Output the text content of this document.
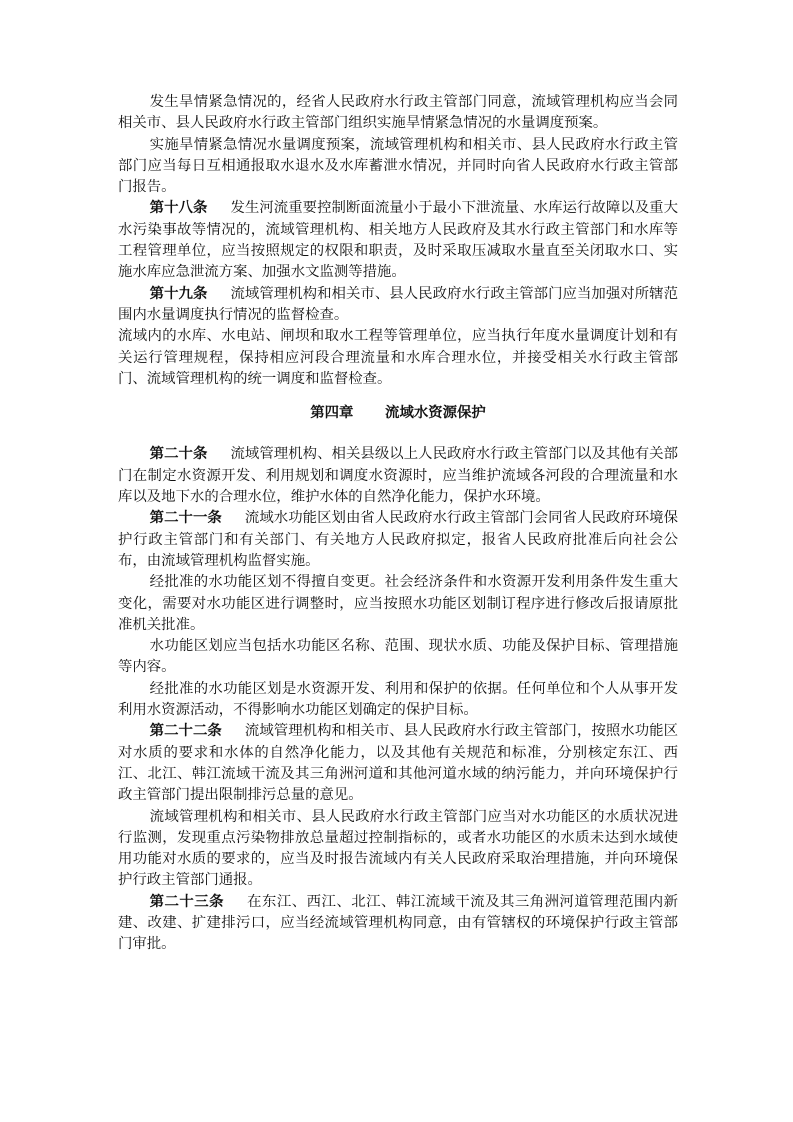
发生旱情紧急情况的，经省人民政府水行政主管部门同意，流域管理机构应当会同相关市、县人民政府水行政主管部门组织实施旱情紧急情况的水量调度预案。

实施旱情紧急情况水量调度预案，流域管理机构和相关市、县人民政府水行政主管部门应当每日互相通报取水退水及水库蓄泄水情况，并同时向省人民政府水行政主管部门报告。

第十八条 发生河流重要控制断面流量小于最小下泄流量、水库运行故障以及重大水污染事故等情况的，流域管理机构、相关地方人民政府及其水行政主管部门和水库等工程管理单位，应当按照规定的权限和职责，及时采取压减取水量直至关闭取水口、实施水库应急泄流方案、加强水文监测等措施。

第十九条 流域管理机构和相关市、县人民政府水行政主管部门应当加强对所辖范围内水量调度执行情况的监督检查。

流域内的水库、水电站、闸坝和取水工程等管理单位，应当执行年度水量调度计划和有关运行管理规程，保持相应河段合理流量和水库合理水位，并接受相关水行政主管部门、流域管理机构的统一调度和监督检查。

第四章 流域水资源保护

第二十条 流域管理机构、相关县级以上人民政府水行政主管部门以及其他有关部门在制定水资源开发、利用规划和调度水资源时，应当维护流域各河段的合理流量和水库以及地下水的合理水位，维护水体的自然净化能力，保护水环境。

第二十一条 流域水功能区划由省人民政府水行政主管部门会同省人民政府环境保护行政主管部门和有关部门、有关地方人民政府拟定，报省人民政府批准后向社会公布，由流域管理机构监督实施。

经批准的水功能区划不得擅自变更。社会经济条件和水资源开发利用条件发生重大变化，需要对水功能区进行调整时，应当按照水功能区划制订程序进行修改后报请原批准机关批准。

水功能区划应当包括水功能区名称、范围、现状水质、功能及保护目标、管理措施等内容。

经批准的水功能区划是水资源开发、利用和保护的依据。任何单位和个人从事开发利用水资源活动，不得影响水功能区划确定的保护目标。

第二十二条 流域管理机构和相关市、县人民政府水行政主管部门，按照水功能区对水质的要求和水体的自然净化能力，以及其他有关规范和标准，分别核定东江、西江、北江、韩江流域干流及其三角洲河道和其他河道水域的纳污能力，并向环境保护行政主管部门提出限制排污总量的意见。

流域管理机构和相关市、县人民政府水行政主管部门应当对水功能区的水质状况进行监测，发现重点污染物排放总量超过控制指标的，或者水功能区的水质未达到水域使用功能对水质的要求的，应当及时报告流域内有关人民政府采取治理措施，并向环境保护行政主管部门通报。

第二十三条 在东江、西江、北江、韩江流域干流及其三角洲河道管理范围内新建、改建、扩建排污口，应当经流域管理机构同意，由有管辖权的环境保护行政主管部门审批。
